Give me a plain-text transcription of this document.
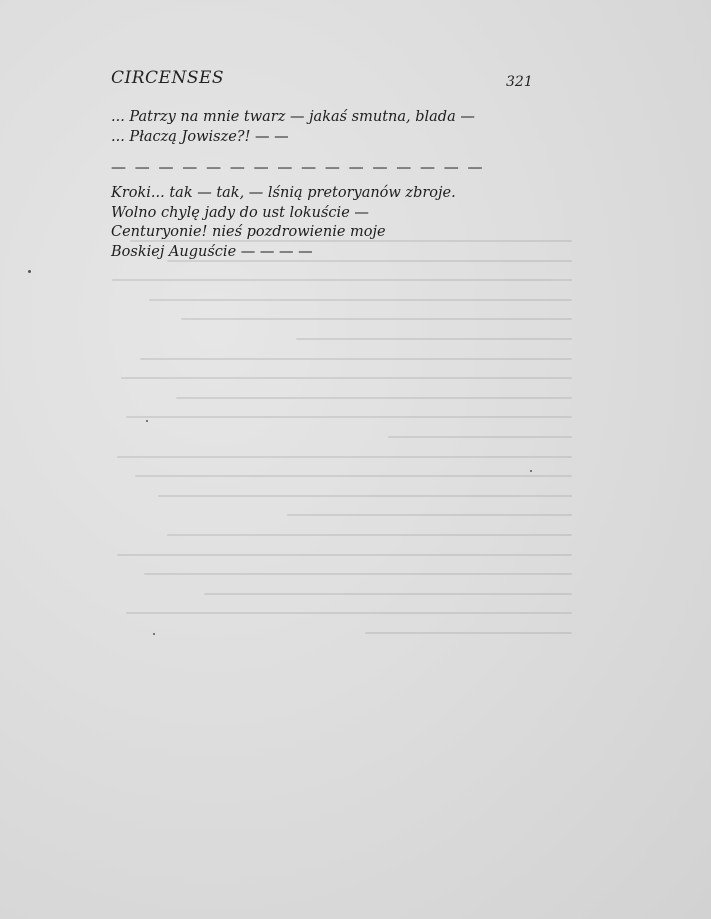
CIRCENSES	321
... Patrzy na mnie twarz — jakaś smutna, blada —
... Płaczą Jowisze?! — —
— — — — — — — — — — — — — — — —
Kroki... tak — tak, — lśnią pretoryanów zbroje.
Wolno chylę jady do ust lokuście —
Centuryonie! nieś pozdrowienie moje
Boskiej Auguście — — — —
